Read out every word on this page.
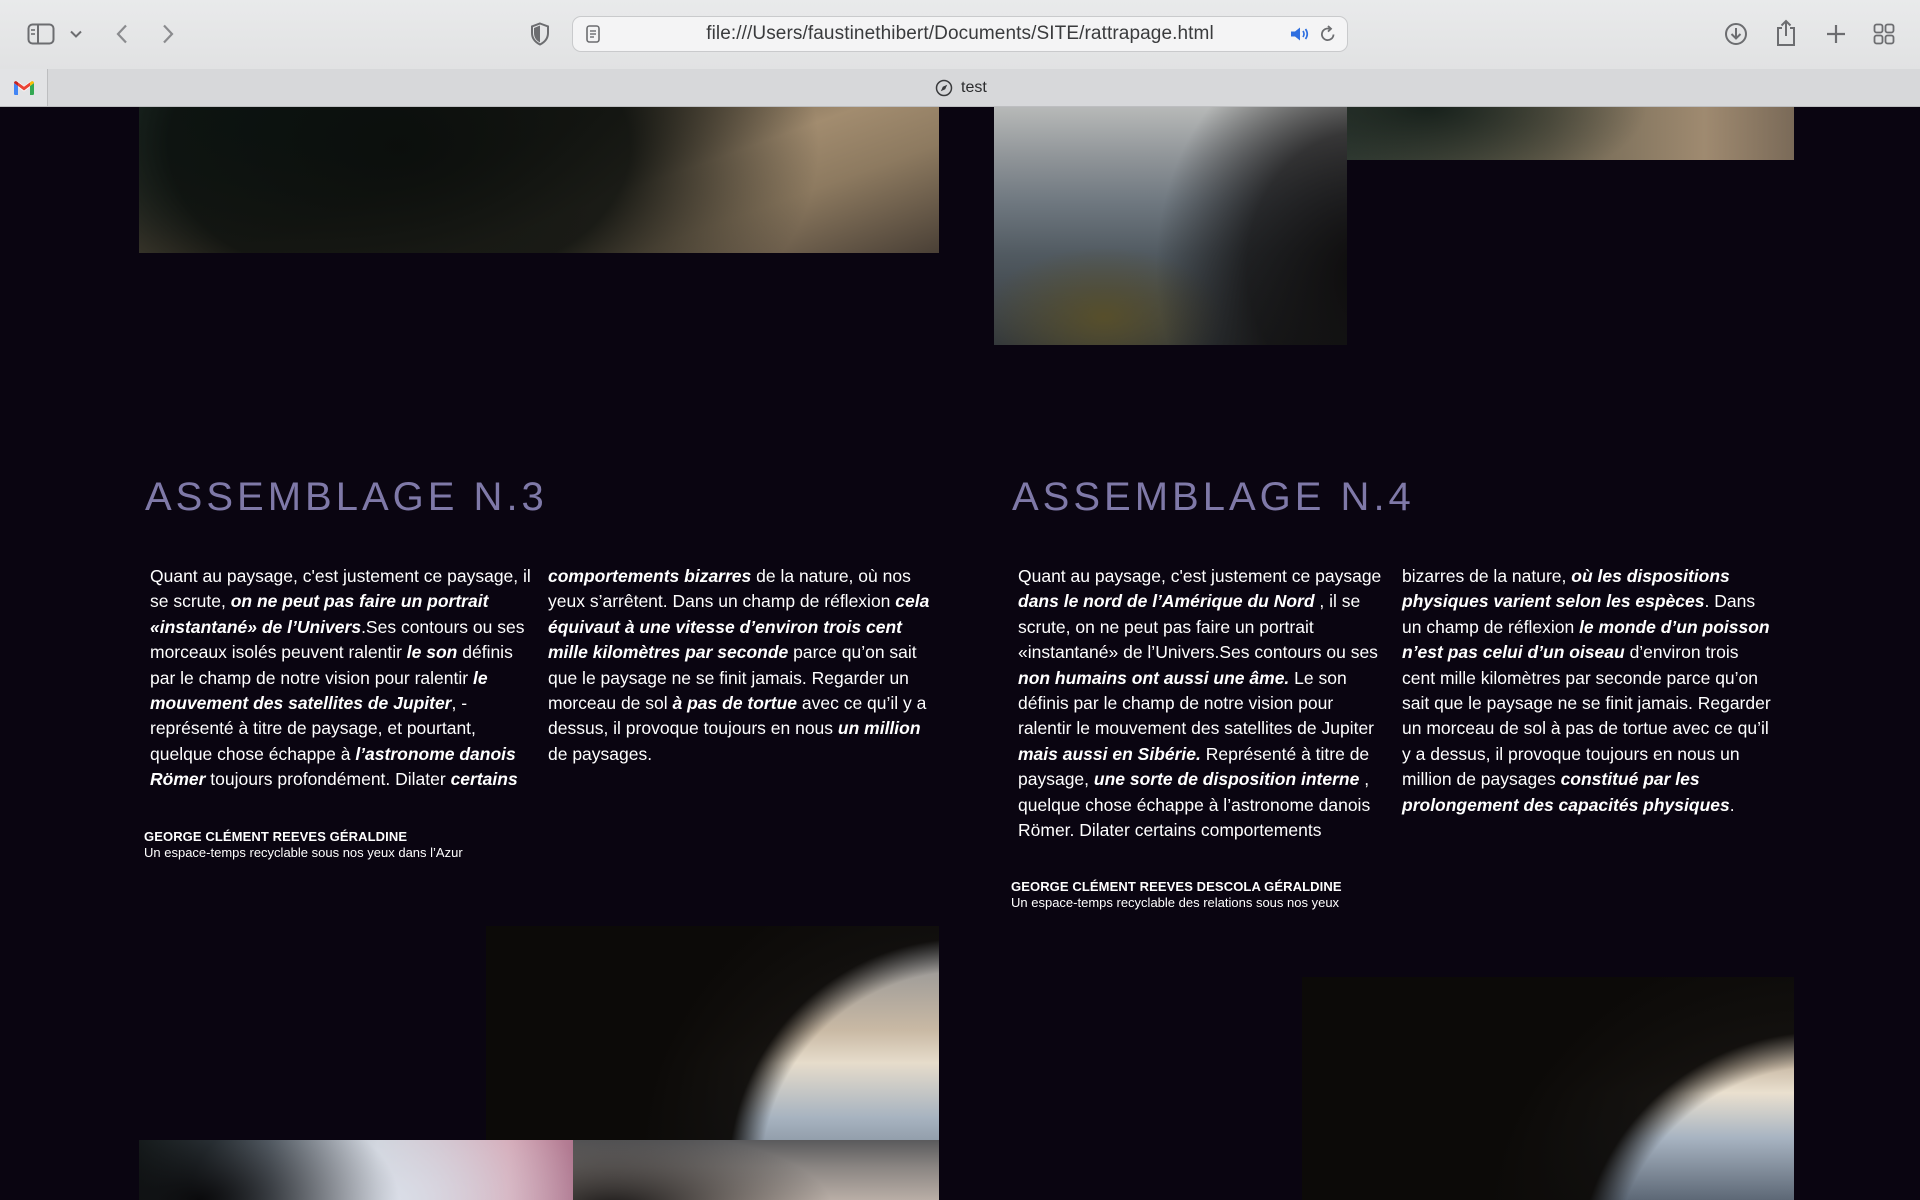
file:///Users/faustinethibert/Documents/SITE/rattrapage.html
test
ASSEMBLAGE N.3

Quant au paysage, c'est justement ce paysage, il se scrute, on ne peut pas faire un portrait «instantané» de l’Univers.Ses contours ou ses morceaux isolés peuvent ralentir le son définis par le champ de notre vision pour ralentir le mouvement des satellites de Jupiter, - représenté à titre de paysage, et pourtant, quelque chose échappe à l’astronome danois Römer toujours profondément. Dilater certains

comportements bizarres de la nature, où nos yeux s’arrêtent. Dans un champ de réflexion cela équivaut à une vitesse d’environ trois cent mille kilomètres par seconde parce qu’on sait que le paysage ne se finit jamais. Regarder un morceau de sol à pas de tortue avec ce qu’il y a dessus, il provoque toujours en nous un million de paysages.

GEORGE CLÉMENT REEVES GÉRALDINE
Un espace-temps recyclable sous nos yeux dans l’Azur
ASSEMBLAGE N.4

Quant au paysage, c'est justement ce paysage dans le nord de l’Amérique du Nord , il se scrute, on ne peut pas faire un portrait «instantané» de l’Univers.Ses contours ou ses non humains ont aussi une âme. Le son définis par le champ de notre vision pour ralentir le mouvement des satellites de Jupiter mais aussi en Sibérie. Représenté à titre de paysage, une sorte de disposition interne , quelque chose échappe à l’astronome danois Römer. Dilater certains comportements

bizarres de la nature, où les dispositions physiques varient selon les espèces. Dans un champ de réflexion le monde d’un poisson n’est pas celui d’un oiseau d’environ trois cent mille kilomètres par seconde parce qu’on sait que le paysage ne se finit jamais. Regarder un morceau de sol à pas de tortue avec ce qu’il y a dessus, il provoque toujours en nous un million de paysages constitué par les prolongement des capacités physiques.

GEORGE CLÉMENT REEVES DESCOLA GÉRALDINE
Un espace-temps recyclable des relations sous nos yeux
